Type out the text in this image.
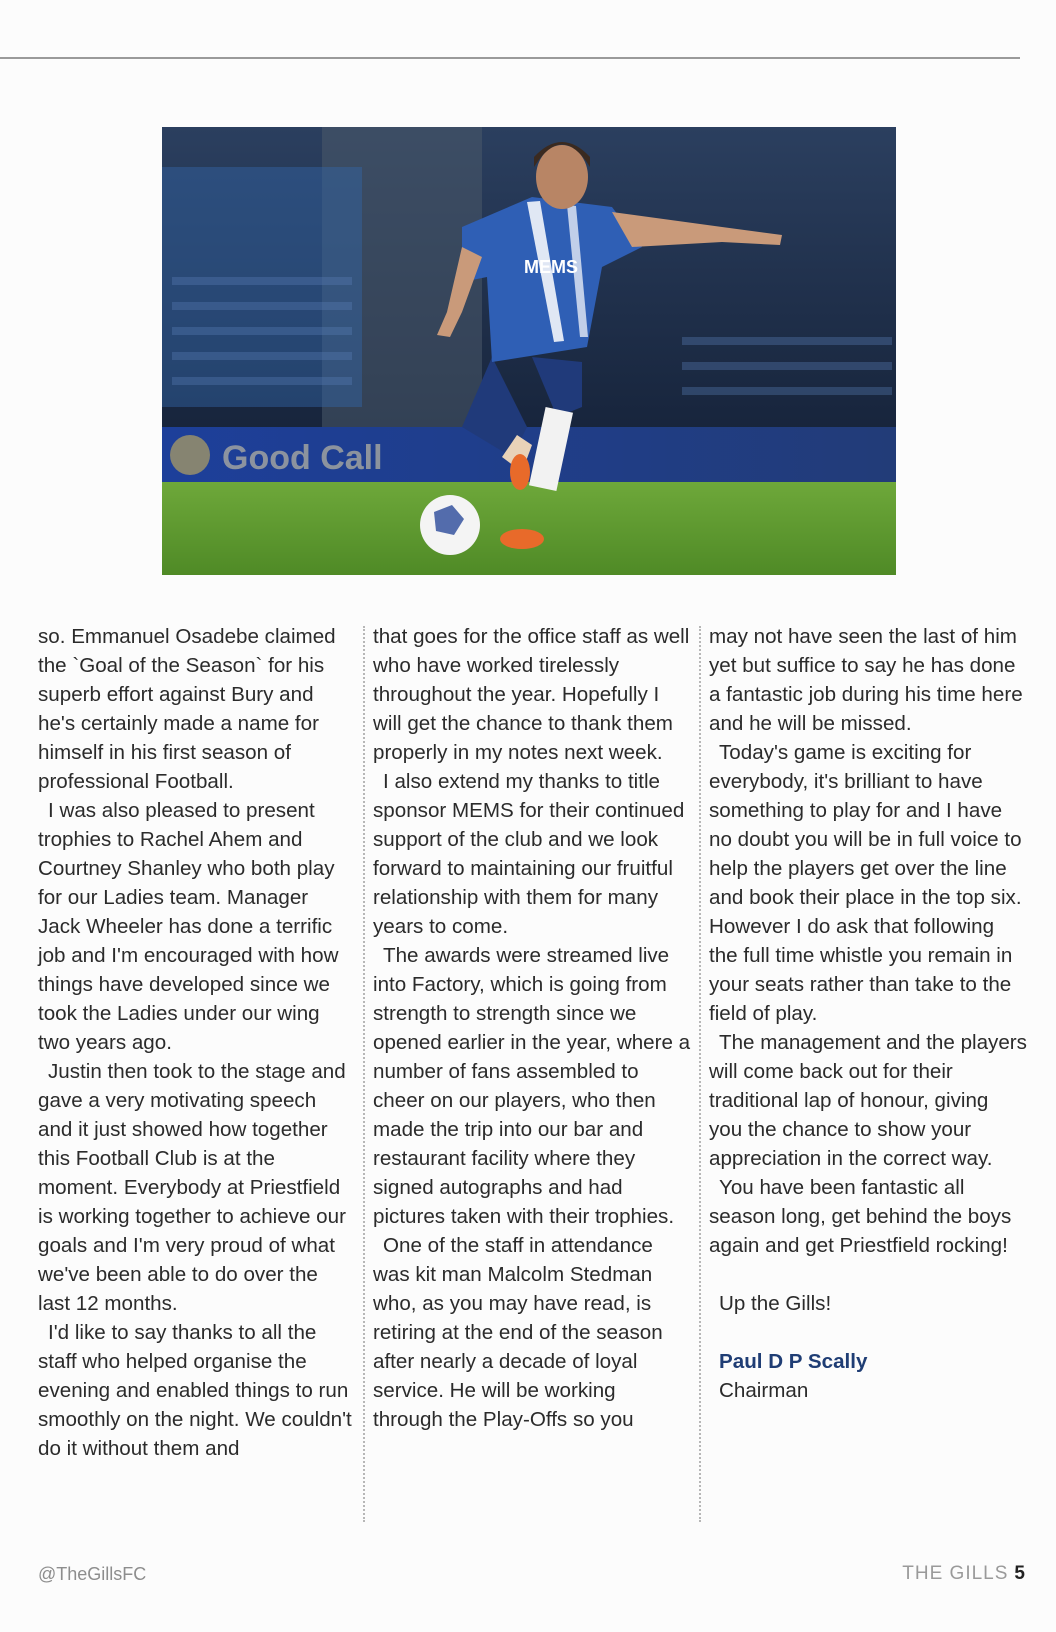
Good Call
MEMS

so. Emmanuel Osadebe claimed the `Goal of the Season` for his superb effort against Bury and he's certainly made a name for himself in his first season of professional Football.

I was also pleased to present trophies to Rachel Ahem and Courtney Shanley who both play for our Ladies team. Manager Jack Wheeler has done a terrific job and I'm encouraged with how things have developed since we took the Ladies under our wing two years ago.

Justin then took to the stage and gave a very motivating speech and it just showed how together this Football Club is at the moment. Everybody at Priestfield is working together to achieve our goals and I'm very proud of what we've been able to do over the last 12 months.

I'd like to say thanks to all the staff who helped organise the evening and enabled things to run smoothly on the night. We couldn't do it without them and

that goes for the office staff as well who have worked tirelessly throughout the year. Hopefully I will get the chance to thank them properly in my notes next week.

I also extend my thanks to title sponsor MEMS for their continued support of the club and we look forward to maintaining our fruitful relationship with them for many years to come.

The awards were streamed live into Factory, which is going from strength to strength since we opened earlier in the year, where a number of fans assembled to cheer on our players, who then made the trip into our bar and restaurant facility where they signed autographs and had pictures taken with their trophies.

One of the staff in attendance was kit man Malcolm Stedman who, as you may have read, is retiring at the end of the season after nearly a decade of loyal service. He will be working through the Play-Offs so you

may not have seen the last of him yet but suffice to say he has done a fantastic job during his time here and he will be missed.

Today's game is exciting for everybody, it's brilliant to have something to play for and I have no doubt you will be in full voice to help the players get over the line and book their place in the top six. However I do ask that following the full time whistle you remain in your seats rather than take to the field of play.

The management and the players will come back out for their traditional lap of honour, giving you the chance to show your appreciation in the correct way.

You have been fantastic all season long, get behind the boys again and get Priestfield rocking!

Up the Gills!
Paul D P Scally
Chairman
@TheGillsFC	THE GILLS 5
